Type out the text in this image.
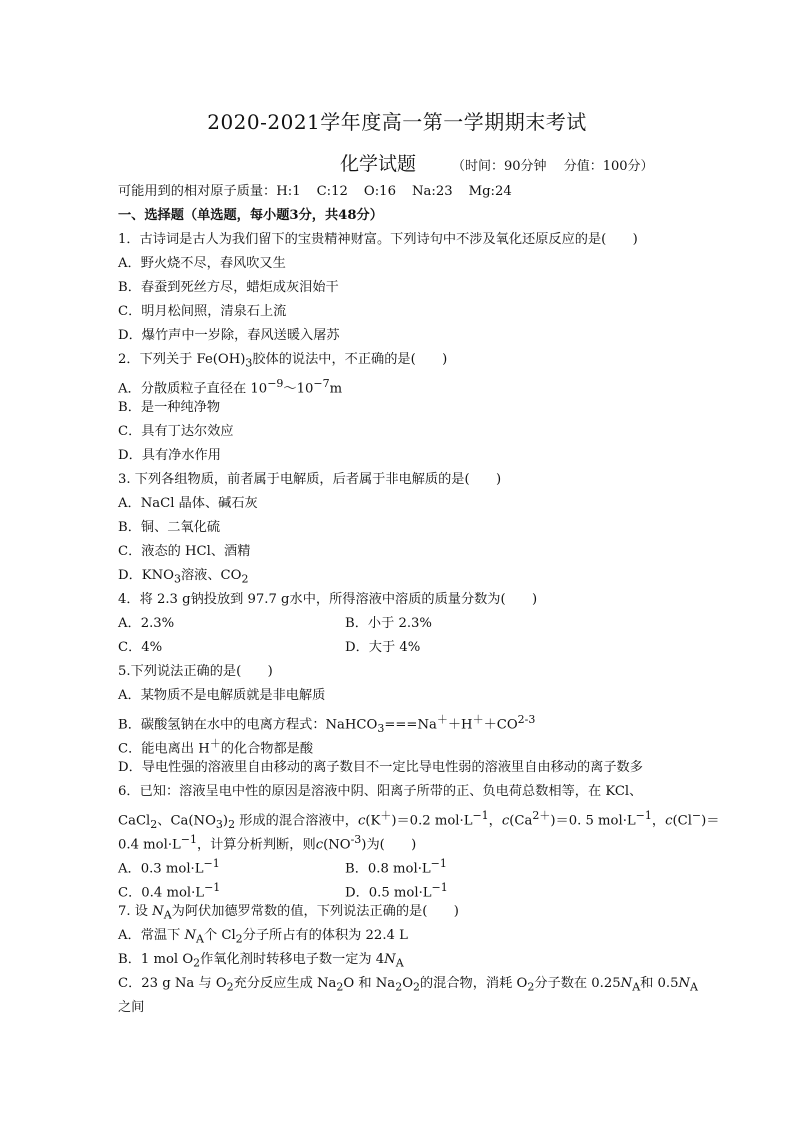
2020-2021学年度高一第一学期期末考试
化学试题	（时间：90分钟　 分值：100分）
可能用到的相对原子质量：H:1 C:12 O:16 Na:23 Mg:24
一、选择题（单选题，每小题3分，共48分）
1．古诗词是古人为我们留下的宝贵精神财富。下列诗句中不涉及氧化还原反应的是(　　)
A．野火烧不尽，春风吹又生
B．春蚕到死丝方尽，蜡炬成灰泪始干
C．明月松间照，清泉石上流
D．爆竹声中一岁除，春风送暖入屠苏
2．下列关于 $Fe(OH)_3$胶体的说法中，不正确的是(　　)
A．分散质粒子直径在 $10^{-9}\sim 10^{-7}m$
B．是一种纯净物
C．具有丁达尔效应
D．具有净水作用
3. 下列各组物质，前者属于电解质，后者属于非电解质的是(　　)
A．NaCl 晶体、碱石灰
B．铜、二氧化硫
C．液态的 HCl、酒精
D．$KNO_3$溶液、$CO_2$
4．将 2.3 g钠投放到 97.7 g水中，所得溶液中溶质的质量分数为(　　)
A．2.3%	B．小于 2.3%
C．4%	D．大于 4%
5.下列说法正确的是(　　)
A．某物质不是电解质就是非电解质
B．碳酸氢钠在水中的电离方程式：$NaHCO_3===Na^++H^++CO^{2-3}$
C．能电离出 H＋的化合物都是酸
D．导电性强的溶液里自由移动的离子数目不一定比导电性弱的溶液里自由移动的离子数多
6．已知：溶液呈电中性的原因是溶液中阴、阳离子所带的正、负电荷总数相等，在 KCl、
CaCl$_2$、$Ca(NO_3)_2$ 形成的混合溶液中，c(K＋)＝0.2 $mol\cdot L^{-1}$，$c(Ca^{2+})=0$. 5 $mol\cdot L^{-1}$，c(Cl−)＝
0.4 $mol\cdot L^{-1}$，计算分析判断，则$c(NO^{-3})$为(　　)
A．0.3 $mol\cdot L^{-1}$	B．0.8 $mol\cdot L^{-1}$
C．0.4 $mol\cdot L^{-1}$	D．0.5 $mol\cdot L^{-1}$
7. 设 $N_A$为阿伏加德罗常数的值，下列说法正确的是(　　)
A．常温下 $N_A$个 $Cl_2$分子所占有的体积为 22.4 L
B．1 mol $O_2$作氧化剂时转移电子数一定为 $4N_A$
C．23 g Na 与 $O_2$充分反应生成 $Na_2O$ 和 $Na_2O_2$的混合物，消耗 $O_2$分子数在 $0.25N_A$和 $0.5N_A$
之间
